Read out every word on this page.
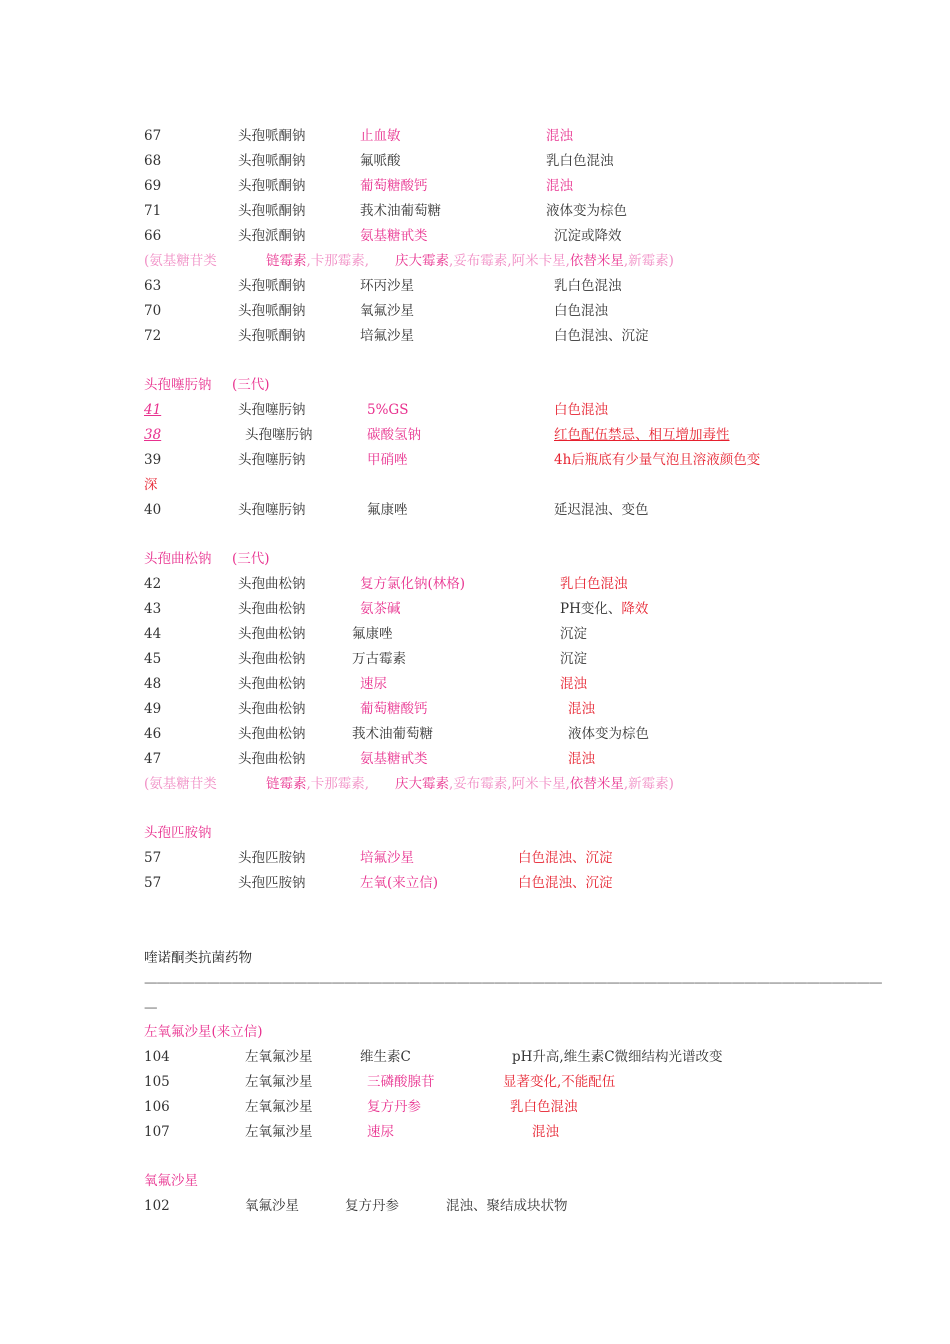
67	头孢哌酮钠	止血敏	混浊
68	头孢哌酮钠	氟哌酸	乳白色混浊
69	头孢哌酮钠	葡萄糖酸钙	混浊
71	头孢哌酮钠	莪术油葡萄糖	液体变为棕色
66	头孢派酮钠	氨基糖甙类	沉淀或降效
(氨基糖苷类	链霉素,卡那霉素, 庆大霉素,妥布霉素,阿米卡星,依替米星,新霉素)
63	头孢哌酮钠	环丙沙星	乳白色混浊
70	头孢哌酮钠	氧氟沙星	白色混浊
72	头孢哌酮钠	培氟沙星	白色混浊、沉淀
头孢噻肟钠 (三代)
41	头孢噻肟钠	5%GS	白色混浊
38	头孢噻肟钠	碳酸氢钠	红色配伍禁忌、相互增加毒性
39	头孢噻肟钠	甲硝唑	4h后瓶底有少量气泡且溶液颜色变
深
40	头孢噻肟钠	氟康唑	延迟混浊、变色
头孢曲松钠 (三代)
42	头孢曲松钠	复方氯化钠(林格)	乳白色混浊
43	头孢曲松钠	氨茶碱	PH变化、降效
44	头孢曲松钠	氟康唑	沉淀
45	头孢曲松钠	万古霉素	沉淀
48	头孢曲松钠	速尿	混浊
49	头孢曲松钠	葡萄糖酸钙	混浊
46	头孢曲松钠	莪术油葡萄糖	液体变为棕色
47	头孢曲松钠	氨基糖甙类	混浊
(氨基糖苷类	链霉素,卡那霉素, 庆大霉素,妥布霉素,阿米卡星,依替米星,新霉素)
头孢匹胺钠
57	头孢匹胺钠	培氟沙星	白色混浊、沉淀
57	头孢匹胺钠	左氧(来立信)	白色混浊、沉淀
喹诺酮类抗菌药物
———————————————————————————————————————————————————————————
—
左氧氟沙星(来立信)
104	左氧氟沙星	维生素C	pH升高,维生素C微细结构光谱改变
105	左氧氟沙星	三磷酸腺苷	显著变化,不能配伍
106	左氧氟沙星	复方丹参	乳白色混浊
107	左氧氟沙星	速尿	混浊
氧氟沙星
102	氧氟沙星	复方丹参	混浊、聚结成块状物
